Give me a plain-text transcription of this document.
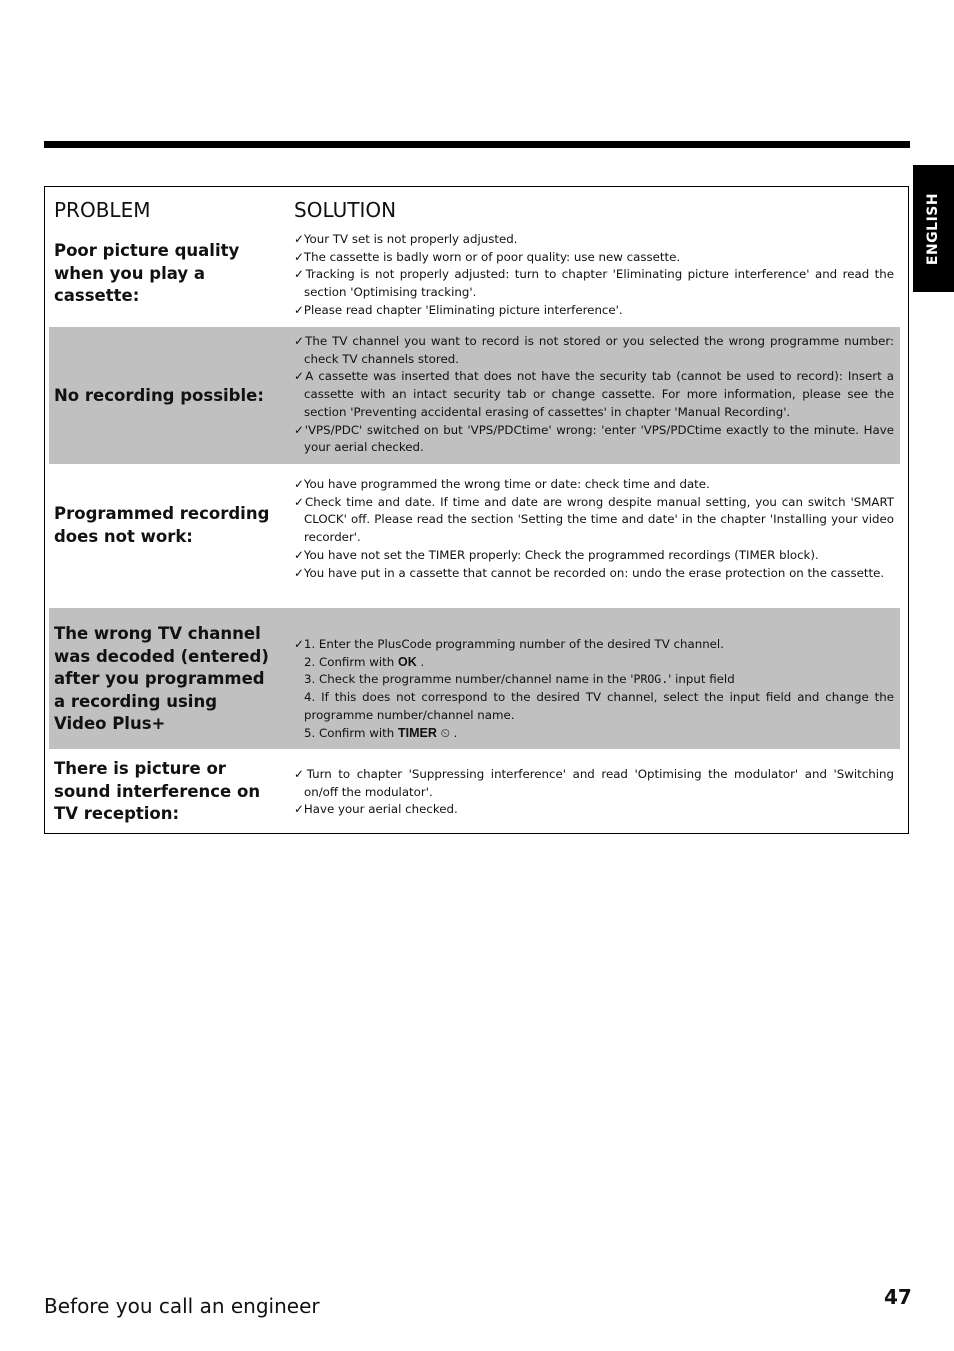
ENGLISH
PROBLEM	SOLUTION
Poor picture quality when you play a cassette:
✓Your TV set is not properly adjusted.
✓The cassette is badly worn or of poor quality: use new cassette.
✓Tracking is not properly adjusted: turn to chapter 'Eliminating picture interference' and read the section 'Optimising tracking'.
✓Please read chapter 'Eliminating picture interference'.
No recording possible:
✓The TV channel you want to record is not stored or you selected the wrong programme number: check TV channels stored.
✓A cassette was inserted that does not have the security tab (cannot be used to record): Insert a cassette with an intact security tab or change cassette. For more information, please see the section 'Preventing accidental erasing of cassettes' in chapter 'Manual Recording'.
✓'VPS/PDC' switched on but 'VPS/PDCtime' wrong: 'enter 'VPS/PDCtime exactly to the minute. Have your aerial checked.
Programmed recording does not work:
✓You have programmed the wrong time or date: check time and date.
✓Check time and date. If time and date are wrong despite manual setting, you can switch 'SMART CLOCK' off. Please read the section 'Setting the time and date' in the chapter 'Installing your video recorder'.
✓You have not set the TIMER properly: Check the programmed recordings (TIMER block).
✓You have put in a cassette that cannot be recorded on: undo the erase protection on the cassette.
The wrong TV channel was decoded (entered) after you programmed a recording using Video Plus+
✓1. Enter the PlusCode programming number of the desired TV channel.
2. Confirm with OK .
3. Check the programme number/channel name in the 'PROG.' input field
4. If this does not correspond to the desired TV channel, select the input field and change the programme number/channel name.
5. Confirm with TIMER ⏲ .
There is picture or sound interference on TV reception:
✓Turn to chapter 'Suppressing interference' and read 'Optimising the modulator' and 'Switching on/off the modulator'.
✓Have your aerial checked.
Before you call an engineer	47
